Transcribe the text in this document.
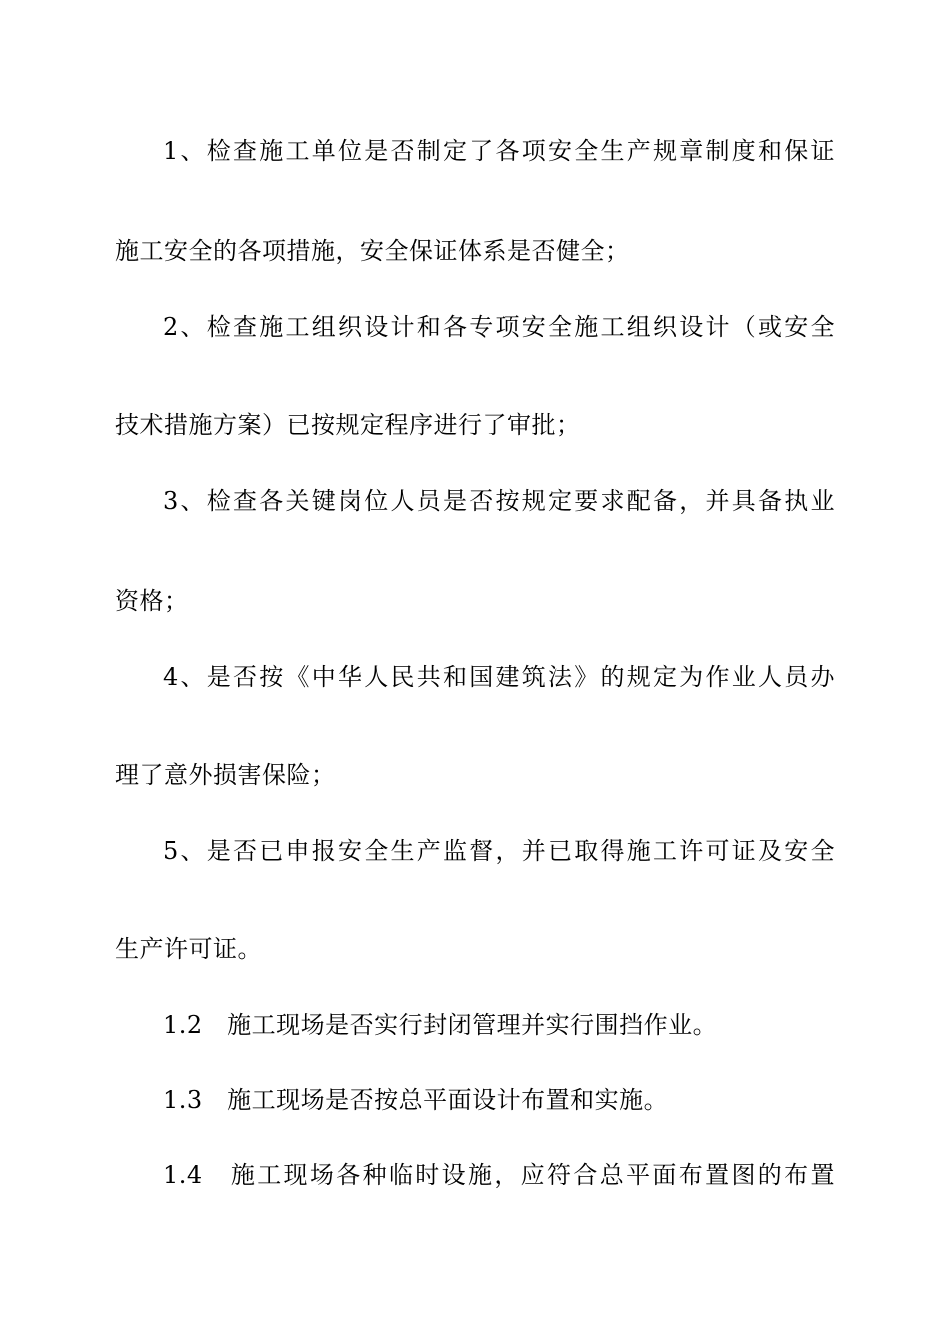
1、检查施工单位是否制定了各项安全生产规章制度和保证
施工安全的各项措施，安全保证体系是否健全；
2、检查施工组织设计和各专项安全施工组织设计（或安全
技术措施方案）已按规定程序进行了审批；
3、检查各关键岗位人员是否按规定要求配备，并具备执业
资格；
4、是否按《中华人民共和国建筑法》的规定为作业人员办
理了意外损害保险；
5、是否已申报安全生产监督，并已取得施工许可证及安全
生产许可证。
1.2　施工现场是否实行封闭管理并实行围挡作业。
1.3　施工现场是否按总平面设计布置和实施。
1.4　施工现场各种临时设施，应符合总平面布置图的布置
